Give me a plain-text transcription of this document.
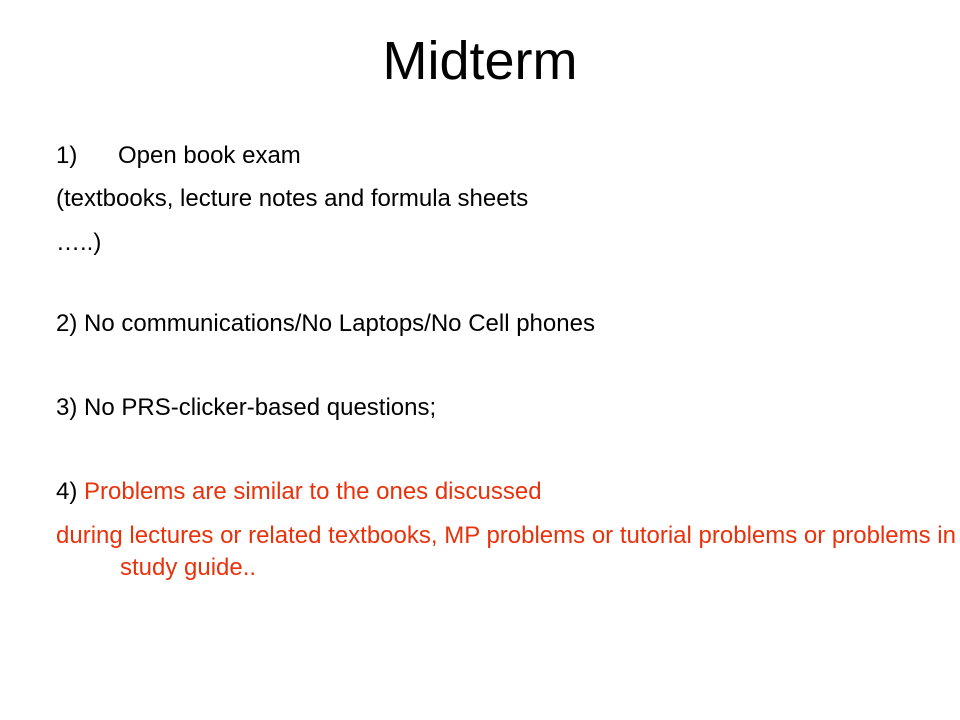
Midterm
1) Open book exam
(textbooks, lecture notes and formula sheets
…..)
2) No communications/No Laptops/No Cell phones
3) No PRS-clicker-based questions;
4) Problems are similar to the ones discussed
during lectures or related textbooks, MP problems or tutorial problems or problems in study guide..
